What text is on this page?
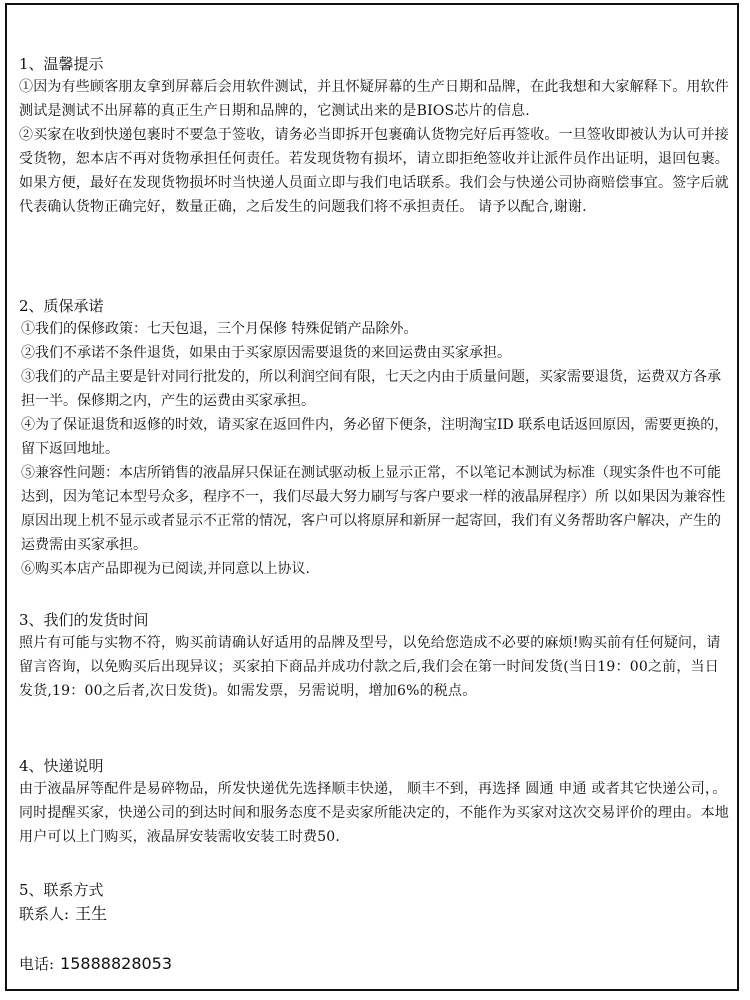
1、温馨提示

①因为有些顾客朋友拿到屏幕后会用软件测试，并且怀疑屏幕的生产日期和品牌，在此我想和大家解释下。用软件测试是测试不出屏幕的真正生产日期和品牌的，它测试出来的是BIOS芯片的信息.

②买家在收到快递包裹时不要急于签收，请务必当即拆开包裹确认货物完好后再签收。一旦签收即被认为认可并接受货物，恕本店不再对货物承担任何责任。若发现货物有损坏，请立即拒绝签收并让派件员作出证明，退回包裹。如果方便，最好在发现货物损坏时当快递人员面立即与我们电话联系。我们会与快递公司协商赔偿事宜。签字后就代表确认货物正确完好，数量正确，之后发生的问题我们将不承担责任。 请予以配合,谢谢.

2、质保承诺

①我们的保修政策：七天包退，三个月保修 特殊促销产品除外。
②我们不承诺不条件退货，如果由于买家原因需要退货的来回运费由买家承担。
③我们的产品主要是针对同行批发的，所以利润空间有限，七天之内由于质量问题，买家需要退货，运费双方各承担一半。保修期之内，产生的运费由买家承担。
④为了保证退货和返修的时效，请买家在返回件内，务必留下便条，注明淘宝ID 联系电话返回原因，需要更换的，留下返回地址。
⑤兼容性问题：本店所销售的液晶屏只保证在测试驱动板上显示正常，不以笔记本测试为标准（现实条件也不可能达到，因为笔记本型号众多，程序不一，我们尽最大努力刷写与客户要求一样的液晶屏程序）所 以如果因为兼容性原因出现上机不显示或者显示不正常的情况，客户可以将原屏和新屏一起寄回，我们有义务帮助客户解决，产生的运费需由买家承担。
⑥购买本店产品即视为已阅读,并同意以上协议.

3、我们的发货时间

照片有可能与实物不符，购买前请确认好适用的品牌及型号，以免给您造成不必要的麻烦!购买前有任何疑问，请留言咨询，以免购买后出现异议；买家拍下商品并成功付款之后,我们会在第一时间发货(当日19：00之前，当日发货,19：00之后者,次日发货)。如需发票，另需说明，增加6%的税点。

4、快递说明

由于液晶屏等配件是易碎物品，所发快递优先选择顺丰快递， 顺丰不到，再选择 圆通 申通 或者其它快递公司，。同时提醒买家，快递公司的到达时间和服务态度不是卖家所能决定的，不能作为买家对这次交易评价的理由。本地用户可以上门购买，液晶屏安装需收安装工时费50.

5、联系方式

联系人: 王生

电话: 15888828053
